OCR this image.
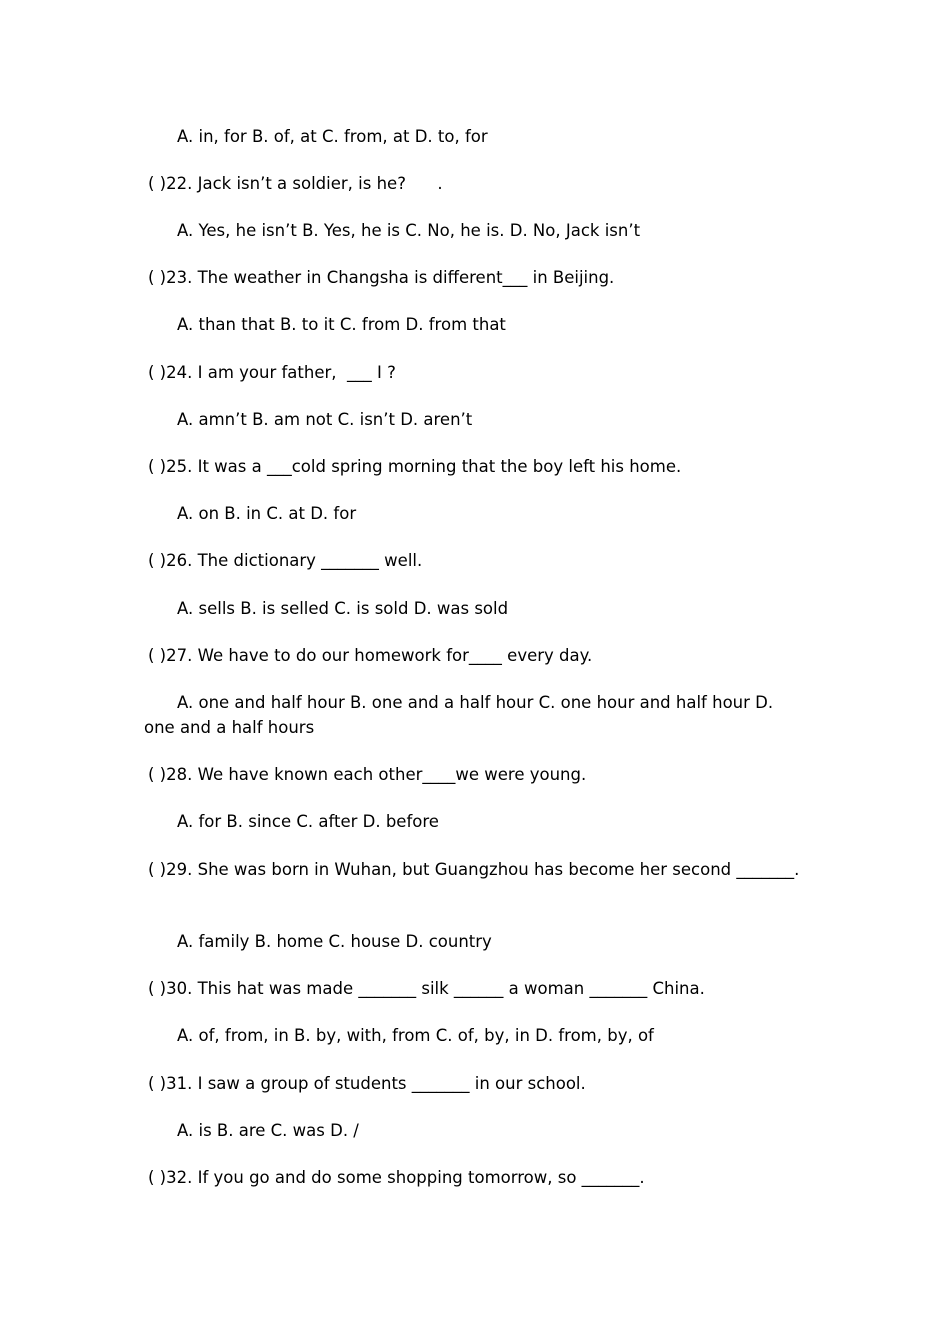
A. in, for B. of, at C. from, at D. to, for

( )22. Jack isn’t a soldier, is he?      .

A. Yes, he isn’t B. Yes, he is C. No, he is. D. No, Jack isn’t

( )23. The weather in Changsha is different___ in Beijing.

A. than that B. to it C. from D. from that

( )24. I am your father,  ___ I ?

A. amn’t B. am not C. isn’t D. aren’t

( )25. It was a ___cold spring morning that the boy left his home.

A. on B. in C. at D. for

( )26. The dictionary _______ well.

A. sells B. is selled C. is sold D. was sold

( )27. We have to do our homework for____ every day.

A. one and half hour B. one and a half hour C. one hour and half hour D. one and a half hours

( )28. We have known each other____we were young.

A. for B. since C. after D. before

( )29. She was born in Wuhan, but Guangzhou has become her second _______.

A. family B. home C. house D. country

( )30. This hat was made _______ silk ______ a woman _______ China.

A. of, from, in B. by, with, from C. of, by, in D. from, by, of

( )31. I saw a group of students _______ in our school.

A. is B. are C. was D. /

( )32. If you go and do some shopping tomorrow, so _______.
